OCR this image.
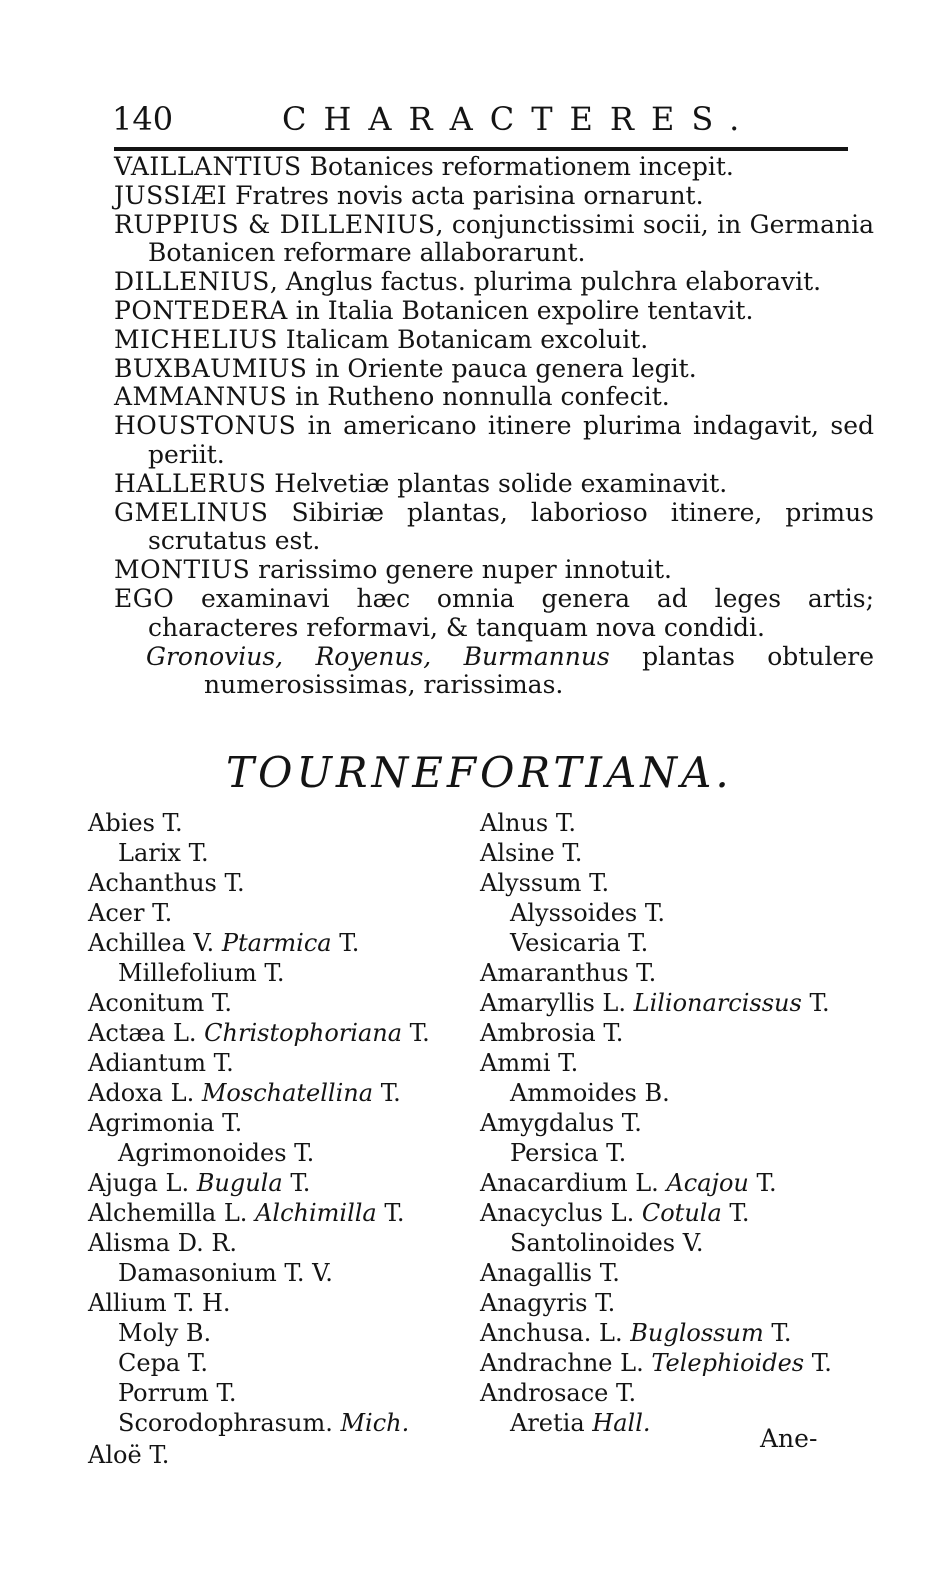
140	CHARACTERES.

VAILLANTIUS Botanices reformationem incepit.

JUSSIÆI Fratres novis acta parisina ornarunt.

RUPPIUS & DILLENIUS, conjunctissimi socii, in Germania Botanicen reformare allaborarunt.

DILLENIUS, Anglus factus. plurima pulchra elaboravit.

PONTEDERA in Italia Botanicen expolire tentavit.

MICHELIUS Italicam Botanicam excoluit.

BUXBAUMIUS in Oriente pauca genera legit.

AMMANNUS in Rutheno nonnulla confecit.

HOUSTONUS in americano itinere plurima indagavit, sed periit.

HALLERUS Helvetiæ plantas solide examinavit.

GMELINUS Sibiriæ plantas, laborioso itinere, primus scrutatus est.

MONTIUS rarissimo genere nuper innotuit.

EGO examinavi hæc omnia genera ad leges artis; characteres reformavi, & tanquam nova condidi.

Gronovius, Royenus, Burmannus plantas obtulere numerosissimas, rarissimas.

TOURNEFORTIANA.
Abies T.
Larix T.
Achanthus T.
Acer T.
Achillea V. Ptarmica T.
Millefolium T.
Aconitum T.
Actæa L. Christophoriana T.
Adiantum T.
Adoxa L. Moschatellina T.
Agrimonia T.
Agrimonoides T.
Ajuga L. Bugula T.
Alchemilla L. Alchimilla T.
Alisma D. R.
Damasonium T. V.
Allium T. H.
Moly B.
Cepa T.
Porrum T.
Scorodophrasum. Mich.
Aloë T.
Alnus T.
Alsine T.
Alyssum T.
Alyssoides T.
Vesicaria T.
Amaranthus T.
Amaryllis L. Lilionarcissus T.
Ambrosia T.
Ammi T.
Ammoides B.
Amygdalus T.
Persica T.
Anacardium L. Acajou T.
Anacyclus L. Cotula T.
Santolinoides V.
Anagallis T.
Anagyris T.
Anchusa. L. Buglossum T.
Andrachne L. Telephioides T.
Androsace T.
Aretia Hall.
Ane-
